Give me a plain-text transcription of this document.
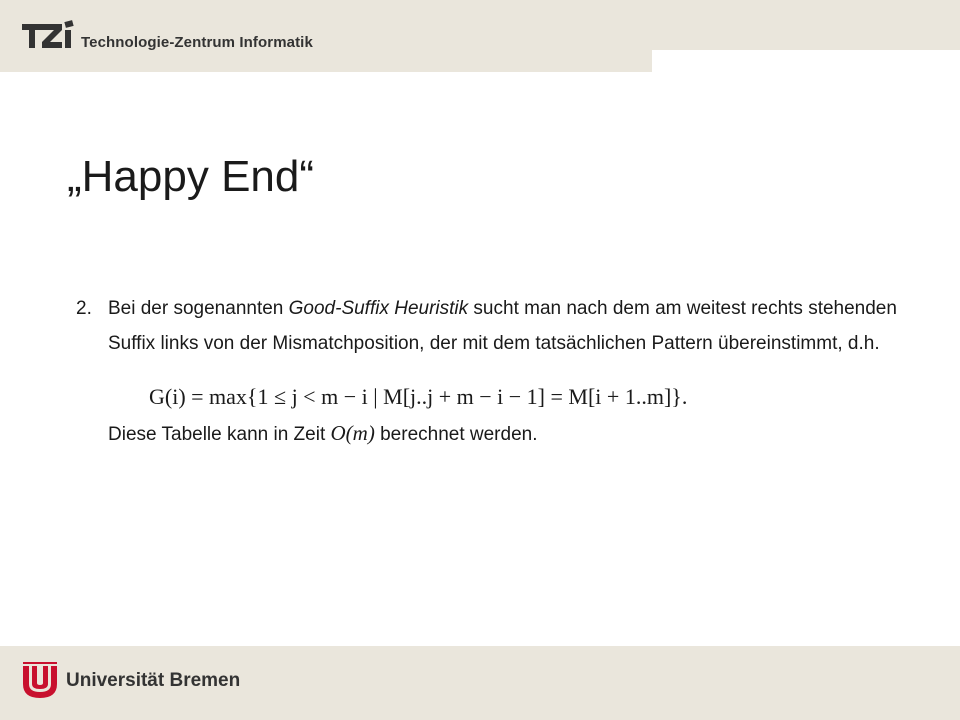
Technologie-Zentrum Informatik
„Happy End“
2. Bei der sogenannten Good-Suffix Heuristik sucht man nach dem am weitest rechts stehenden Suffix links von der Mismatchposition, der mit dem tatsächlichen Pattern übereinstimmt, d.h.
G(i) = max{1 ≤ j < m − i | M[j..j + m − i − 1] = M[i + 1..m]}.
Diese Tabelle kann in Zeit O(m) berechnet werden.
Universität Bremen
